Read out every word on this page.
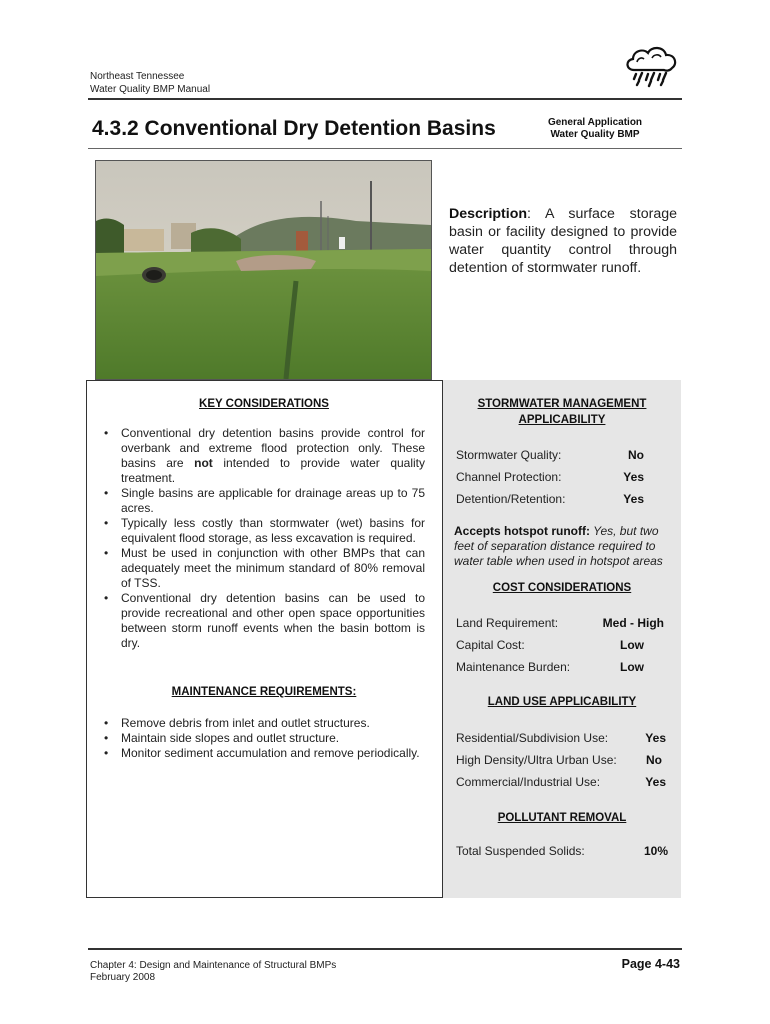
Northeast Tennessee
Water Quality BMP Manual
4.3.2 Conventional Dry Detention Basins	General Application
Water Quality BMP
Description: A surface storage basin or facility designed to provide water quantity control through detention of stormwater runoff.
KEY CONSIDERATIONS
• Conventional dry detention basins provide control for overbank and extreme flood protection only. These basins are not intended to provide water quality treatment.
• Single basins are applicable for drainage areas up to 75 acres.
• Typically less costly than stormwater (wet) basins for equivalent flood storage, as less excavation is required.
• Must be used in conjunction with other BMPs that can adequately meet the minimum standard of 80% removal of TSS.
• Conventional dry detention basins can be used to provide recreational and other open space opportunities between storm runoff events when the basin bottom is dry.
MAINTENANCE REQUIREMENTS:
• Remove debris from inlet and outlet structures.
• Maintain side slopes and outlet structure.
• Monitor sediment accumulation and remove periodically.
STORMWATER MANAGEMENT
APPLICABILITY
Stormwater Quality:	No
Channel Protection:	Yes
Detention/Retention:	Yes
Accepts hotspot runoff: Yes, but two feet of separation distance required to water table when used in hotspot areas
COST CONSIDERATIONS
Land Requirement:	Med - High
Capital Cost:	Low
Maintenance Burden:	Low
LAND USE APPLICABILITY
Residential/Subdivision Use:	Yes
High Density/Ultra Urban Use: No
Commercial/Industrial Use:	Yes
POLLUTANT REMOVAL
Total Suspended Solids:	10%
Chapter 4: Design and Maintenance of Structural BMPs
February 2008
Page 4-43
